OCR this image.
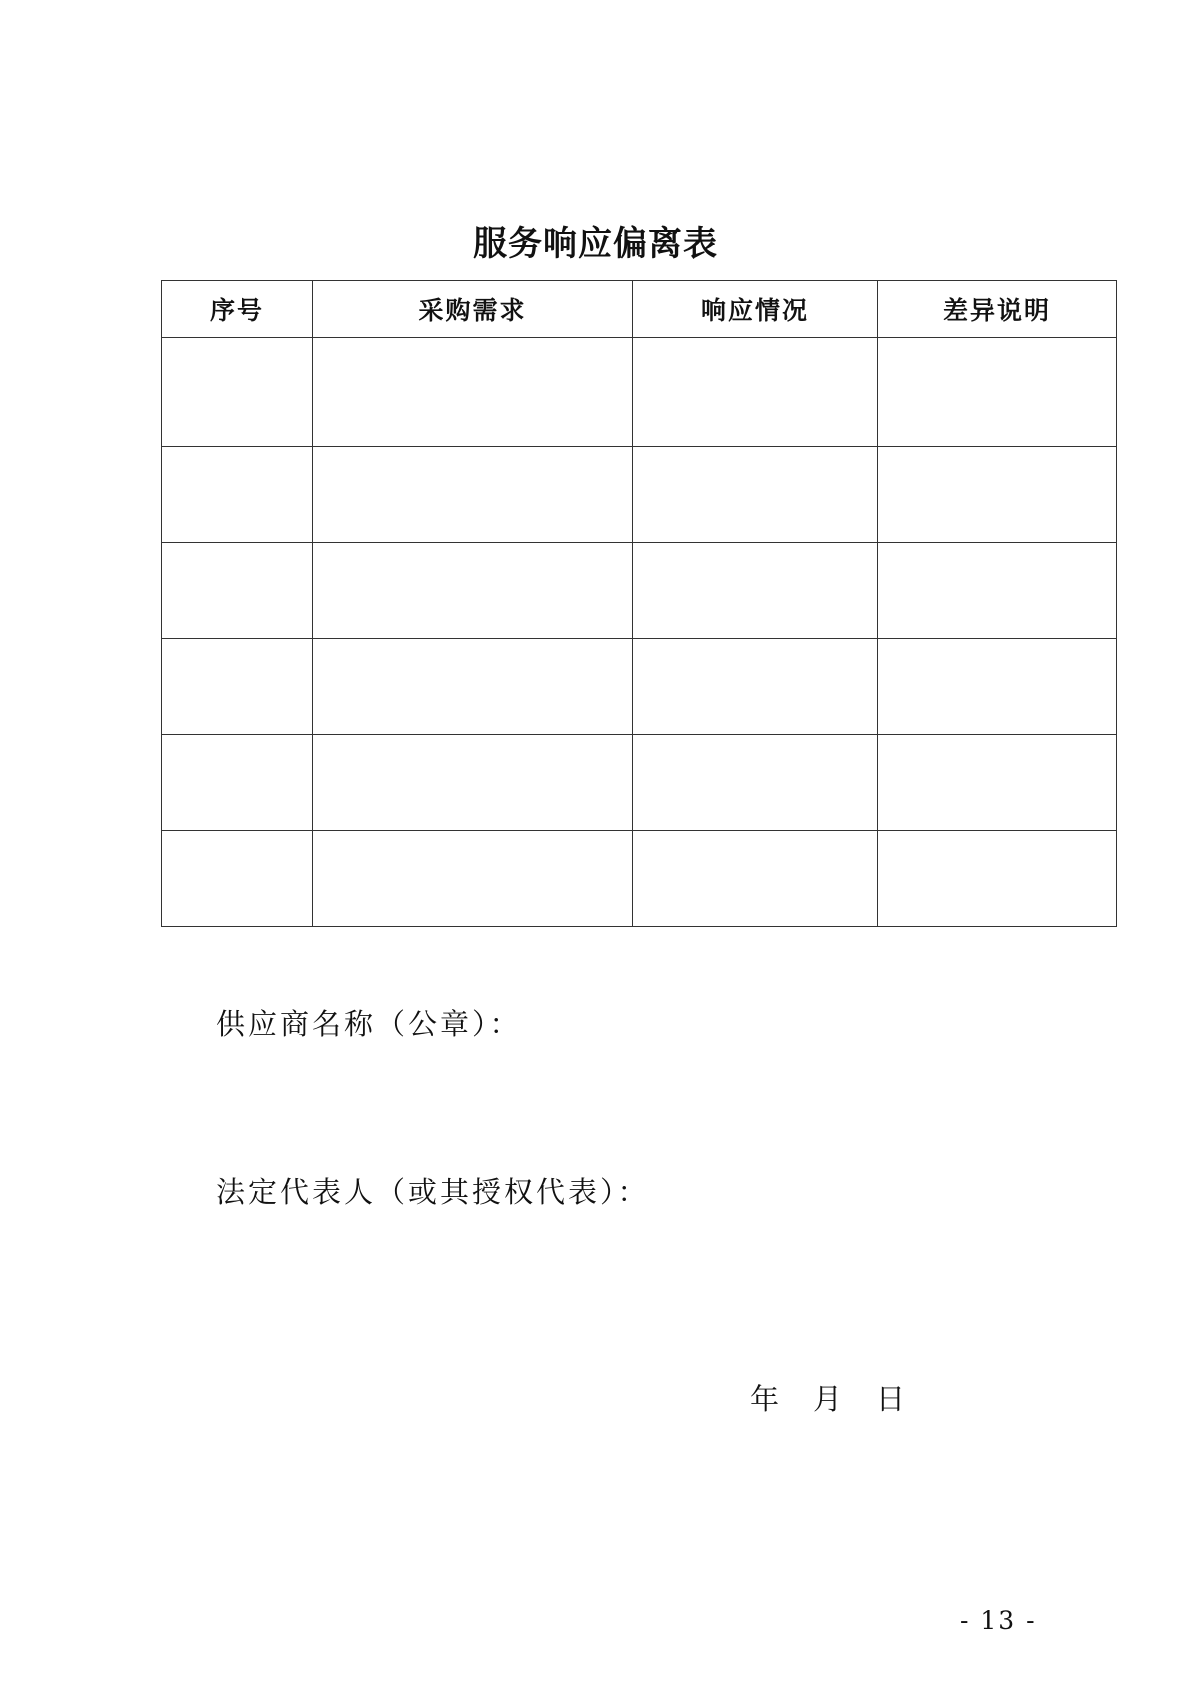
服务响应偏离表
序号	采购需求	响应情况	差异说明

供应商名称（公章）：
法定代表人（或其授权代表）：
年 月 日
- 13 -
